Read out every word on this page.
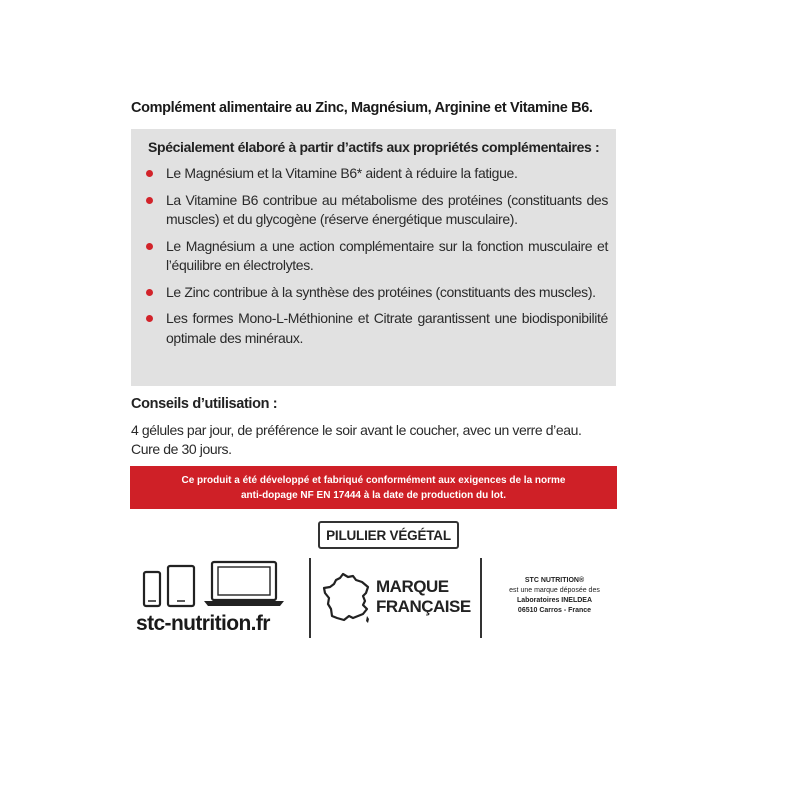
Complément alimentaire au Zinc, Magnésium, Arginine et Vitamine B6.
Spécialement élaboré à partir d’actifs aux propriétés complémentaires :
Le Magnésium et la Vitamine B6* aident à réduire la fatigue.
La Vitamine B6 contribue au métabolisme des protéines (constituants des muscles) et du glycogène (réserve énergétique musculaire).
Le Magnésium a une action complémentaire sur la fonction musculaire et l’équilibre en électrolytes.
Le Zinc contribue à la synthèse des protéines (constituants des muscles).
Les formes Mono-L-Méthionine et Citrate garantissent une biodisponibilité optimale des minéraux.
Conseils d’utilisation :
4 gélules par jour, de préférence le soir avant le coucher, avec un verre d’eau.
Cure de 30 jours.
Ce produit a été développé et fabriqué conformément aux exigences de la norme
anti-dopage NF EN 17444 à la date de production du lot.
PILULIER VÉGÉTAL
stc-nutrition.fr
MARQUE
FRANÇAISE
STC NUTRITION®
est une marque déposée des
Laboratoires INELDEA
06510 Carros - France
